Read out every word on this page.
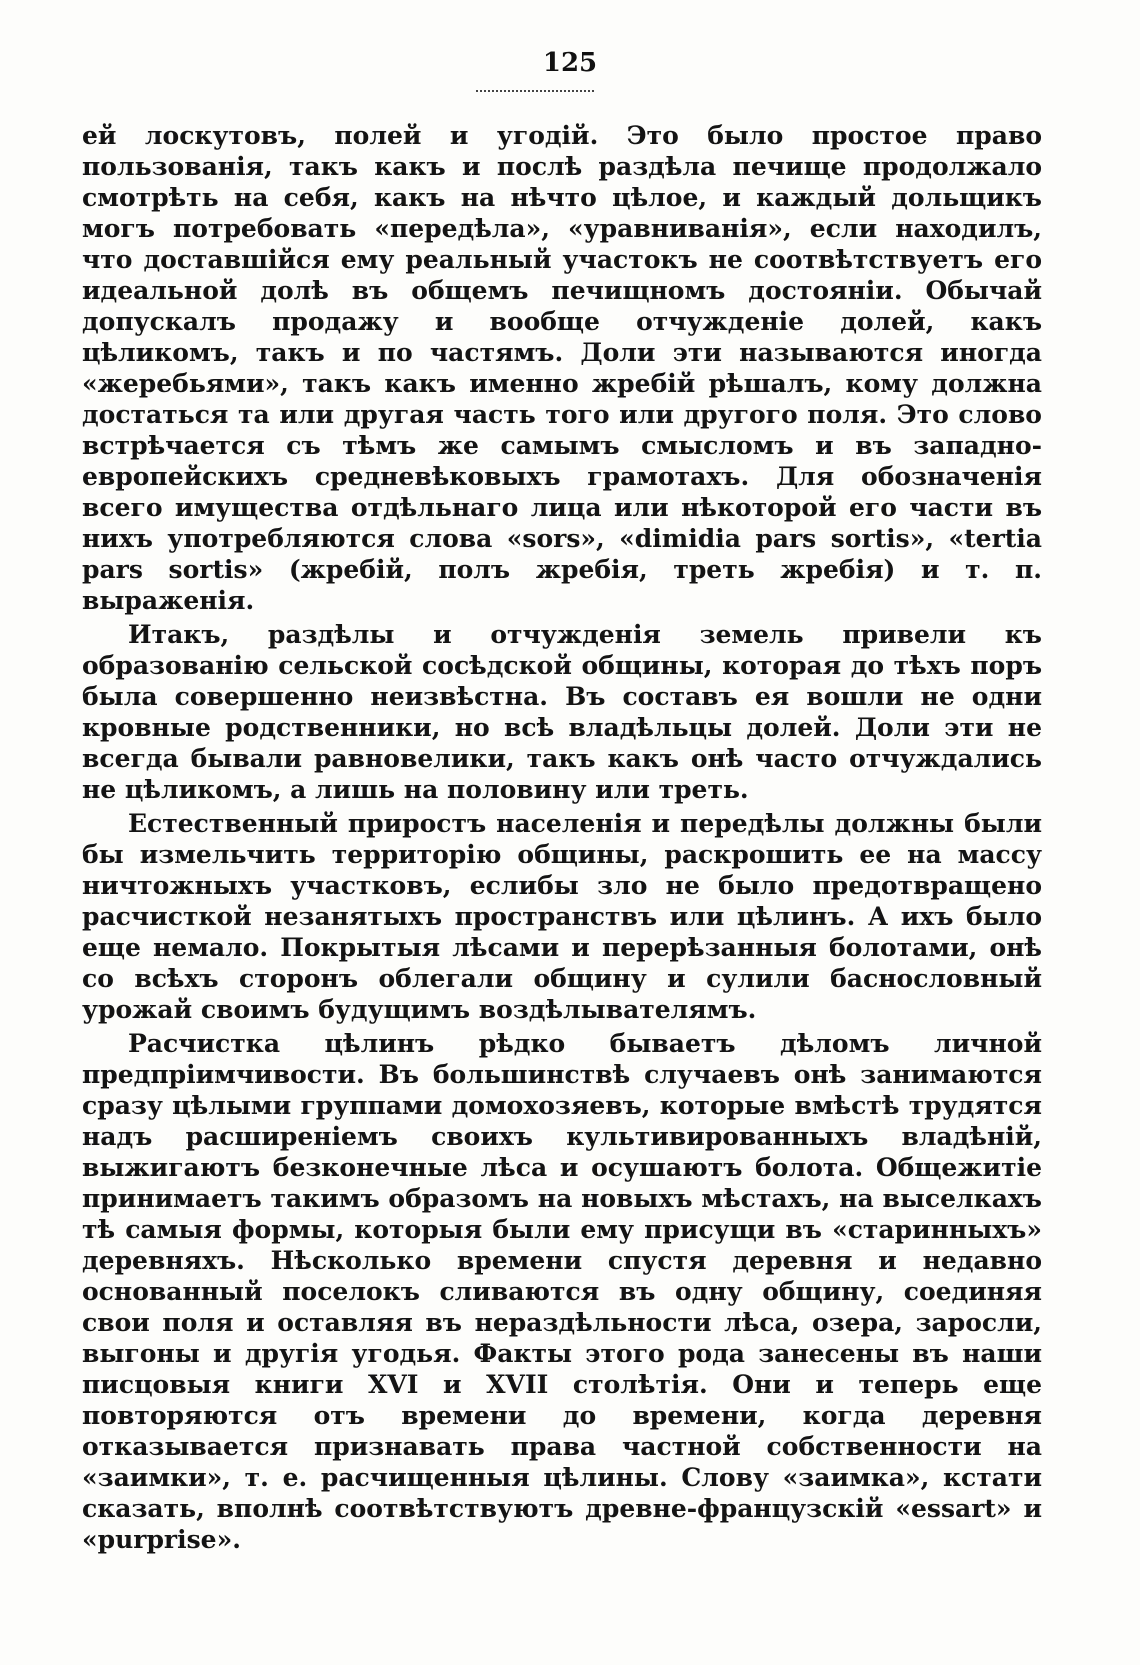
125

ей лоскутовъ, полей и угодій. Это было простое право пользованія, такъ какъ и послѣ раздѣла печище продолжало смотрѣть на себя, какъ на нѣчто цѣлое, и каждый дольщикъ могъ потребовать «передѣла», «уравниванія», если находилъ, что доставшійся ему реальный участокъ не соотвѣтствуетъ его идеальной долѣ въ общемъ печищномъ достояніи. Обычай допускалъ продажу и вообще отчужденіе долей, какъ цѣликомъ, такъ и по частямъ. Доли эти называются иногда «жеребьями», такъ какъ именно жребій рѣшалъ, кому должна достаться та или другая часть того или другого поля. Это слово встрѣчается съ тѣмъ же самымъ смысломъ и въ западно-европейскихъ средневѣковыхъ грамотахъ. Для обозначенія всего имущества отдѣльнаго лица или нѣкоторой его части въ нихъ употребляются слова «sors», «dimidia pars sortis», «tertia pars sortis» (жребій, полъ жребія, треть жребія) и т. п. выраженія.

Итакъ, раздѣлы и отчужденія земель привели къ образованію сельской сосѣдской общины, которая до тѣхъ поръ была совершенно неизвѣстна. Въ составъ ея вошли не одни кровные родственники, но всѣ владѣльцы долей. Доли эти не всегда бывали равновелики, такъ какъ онѣ часто отчуждались не цѣликомъ, а лишь на половину или треть.

Естественный приростъ населенія и передѣлы должны были бы измельчить территорію общины, раскрошить ее на массу ничтожныхъ участковъ, еслибы зло не было предотвращено расчисткой незанятыхъ пространствъ или цѣлинъ. А ихъ было еще немало. Покрытыя лѣсами и перерѣзанныя болотами, онѣ со всѣхъ сторонъ облегали общину и сулили баснословный урожай своимъ будущимъ воздѣлывателямъ.

Расчистка цѣлинъ рѣдко бываетъ дѣломъ личной предпріимчивости. Въ большинствѣ случаевъ онѣ занимаются сразу цѣлыми группами домохозяевъ, которые вмѣстѣ трудятся надъ расширеніемъ своихъ культивированныхъ владѣній, выжигаютъ безконечные лѣса и осушаютъ болота. Общежитіе принимаетъ такимъ образомъ на новыхъ мѣстахъ, на выселкахъ тѣ самыя формы, которыя были ему присущи въ «старинныхъ» деревняхъ. Нѣсколько времени спустя деревня и недавно основанный поселокъ сливаются въ одну общину, соединяя свои поля и оставляя въ нераздѣльности лѣса, озера, заросли, выгоны и другія угодья. Факты этого рода занесены въ наши писцовыя книги XVI и XVII столѣтія. Они и теперь еще повторяются отъ времени до времени, когда деревня отказывается признавать права частной собственности на «заимки», т. е. расчищенныя цѣлины. Слову «заимка», кстати сказать, вполнѣ соотвѣтствуютъ древне-французскій «essart» и «purprise».
